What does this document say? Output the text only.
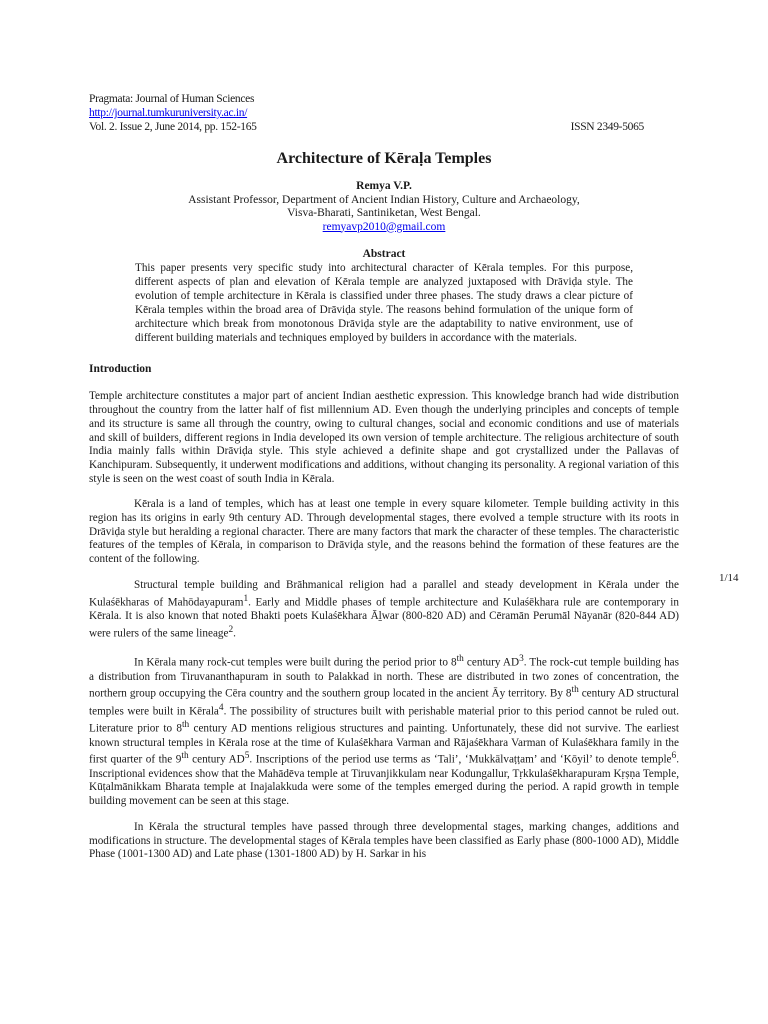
Pragmata: Journal of Human Sciences
http://journal.tumkuruniversity.ac.in/
Vol. 2. Issue 2, June 2014, pp. 152-165	ISSN 2349-5065
Architecture of Kēraḷa Temples
Remya V.P.
Assistant Professor, Department of Ancient Indian History, Culture and Archaeology,
Visva-Bharati, Santiniketan, West Bengal.
remyavp2010@gmail.com
Abstract
This paper presents very specific study into architectural character of Kērala temples. For this purpose, different aspects of plan and elevation of Kērala temple are analyzed juxtaposed with Drāviḍa style. The evolution of temple architecture in Kērala is classified under three phases. The study draws a clear picture of Kērala temples within the broad area of Drāviḍa style. The reasons behind formulation of the unique form of architecture which break from monotonous Drāviḍa style are the adaptability to native environment, use of different building materials and techniques employed by builders in accordance with the materials.
Introduction

Temple architecture constitutes a major part of ancient Indian aesthetic expression. This knowledge branch had wide distribution throughout the country from the latter half of fist millennium AD. Even though the underlying principles and concepts of temple and its structure is same all through the country, owing to cultural changes, social and economic conditions and use of materials and skill of builders, different regions in India developed its own version of temple architecture. The religious architecture of south India mainly falls within Drāviḍa style. This style achieved a definite shape and got crystallized under the Pallavas of Kanchipuram. Subsequently, it underwent modifications and additions, without changing its personality. A regional variation of this style is seen on the west coast of south India in Kērala.

Kērala is a land of temples, which has at least one temple in every square kilometer. Temple building activity in this region has its origins in early 9th century AD. Through developmental stages, there evolved a temple structure with its roots in Drāviḍa style but heralding a regional character. There are many factors that mark the character of these temples. The characteristic features of the temples of Kērala, in comparison to Drāviḍa style, and the reasons behind the formation of these features are the content of the following.

Structural temple building and Brāhmanical religion had a parallel and steady development in Kērala under the Kulaśēkharas of Mahōdayapuram$^1$. Early and Middle phases of temple architecture and Kulaśēkhara rule are contemporary in Kērala. It is also known that noted Bhakti poets Kulaśēkhara Āḻwar (800-820 AD) and Cēramān Perumāl Nāyanār (820-844 AD) were rulers of the same lineage$^2$.

In Kērala many rock-cut temples were built during the period prior to 8th century $AD^3$. The rock-cut temple building has a distribution from Tiruvananthapuram in south to Palakkad in north. These are distributed in two zones of concentration, the northern group occupying the Cēra country and the southern group located in the ancient Āy territory. By 8th century AD structural temples were built in Kērala$^4$. The possibility of structures built with perishable material prior to this period cannot be ruled out. Literature prior to 8th century AD mentions religious structures and painting. Unfortunately, these did not survive. The earliest known structural temples in Kērala rose at the time of Kulaśēkhara Varman and Rājaśēkhara Varman of Kulaśēkhara family in the first quarter of the 9th century $AD^5$. Inscriptions of the period use terms as ‘Tali’, ‘Mukkālvaṭṭam’ and ‘Kōyil’ to denote temple$^6$. Inscriptional evidences show that the Mahādēva temple at Tiruvanjikkulam near Kodungallur, Tṛkkulaśēkharapuram Kṛṣṇa Temple, Kūṭalmānikkam Bharata temple at Inajalakkuda were some of the temples emerged during the period. A rapid growth in temple building movement can be seen at this stage.

In Kērala the structural temples have passed through three developmental stages, marking changes, additions and modifications in structure. The developmental stages of Kērala temples have been classified as Early phase (800-1000 AD), Middle Phase (1001-1300 AD) and Late phase (1301-1800 AD) by H. Sarkar in his

1/14
